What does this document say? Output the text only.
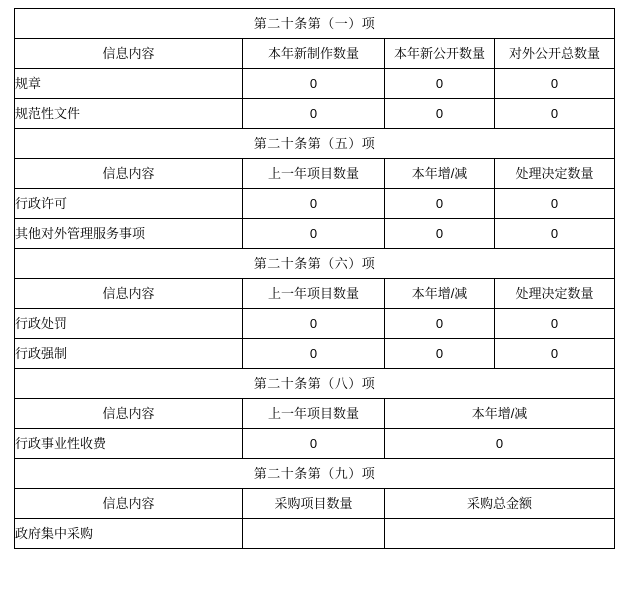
第二十条第（一）项			
信息内容	本年新制作数量	本年新公开数量	对外公开总数量
规章	0	0	0
规范性文件	0	0	0
第二十条第（五）项			
信息内容	上一年项目数量	本年增/减	处理决定数量
行政许可	0	0	0
其他对外管理服务事项	0	0	0
第二十条第（六）项			
信息内容	上一年项目数量	本年增/减	处理决定数量
行政处罚	0	0	0
行政强制	0	0	0
第二十条第（八）项			
信息内容	上一年项目数量	本年增/减	
行政事业性收费	0	0	
第二十条第（九）项			
信息内容	采购项目数量	采购总金额	
政府集中采购			
